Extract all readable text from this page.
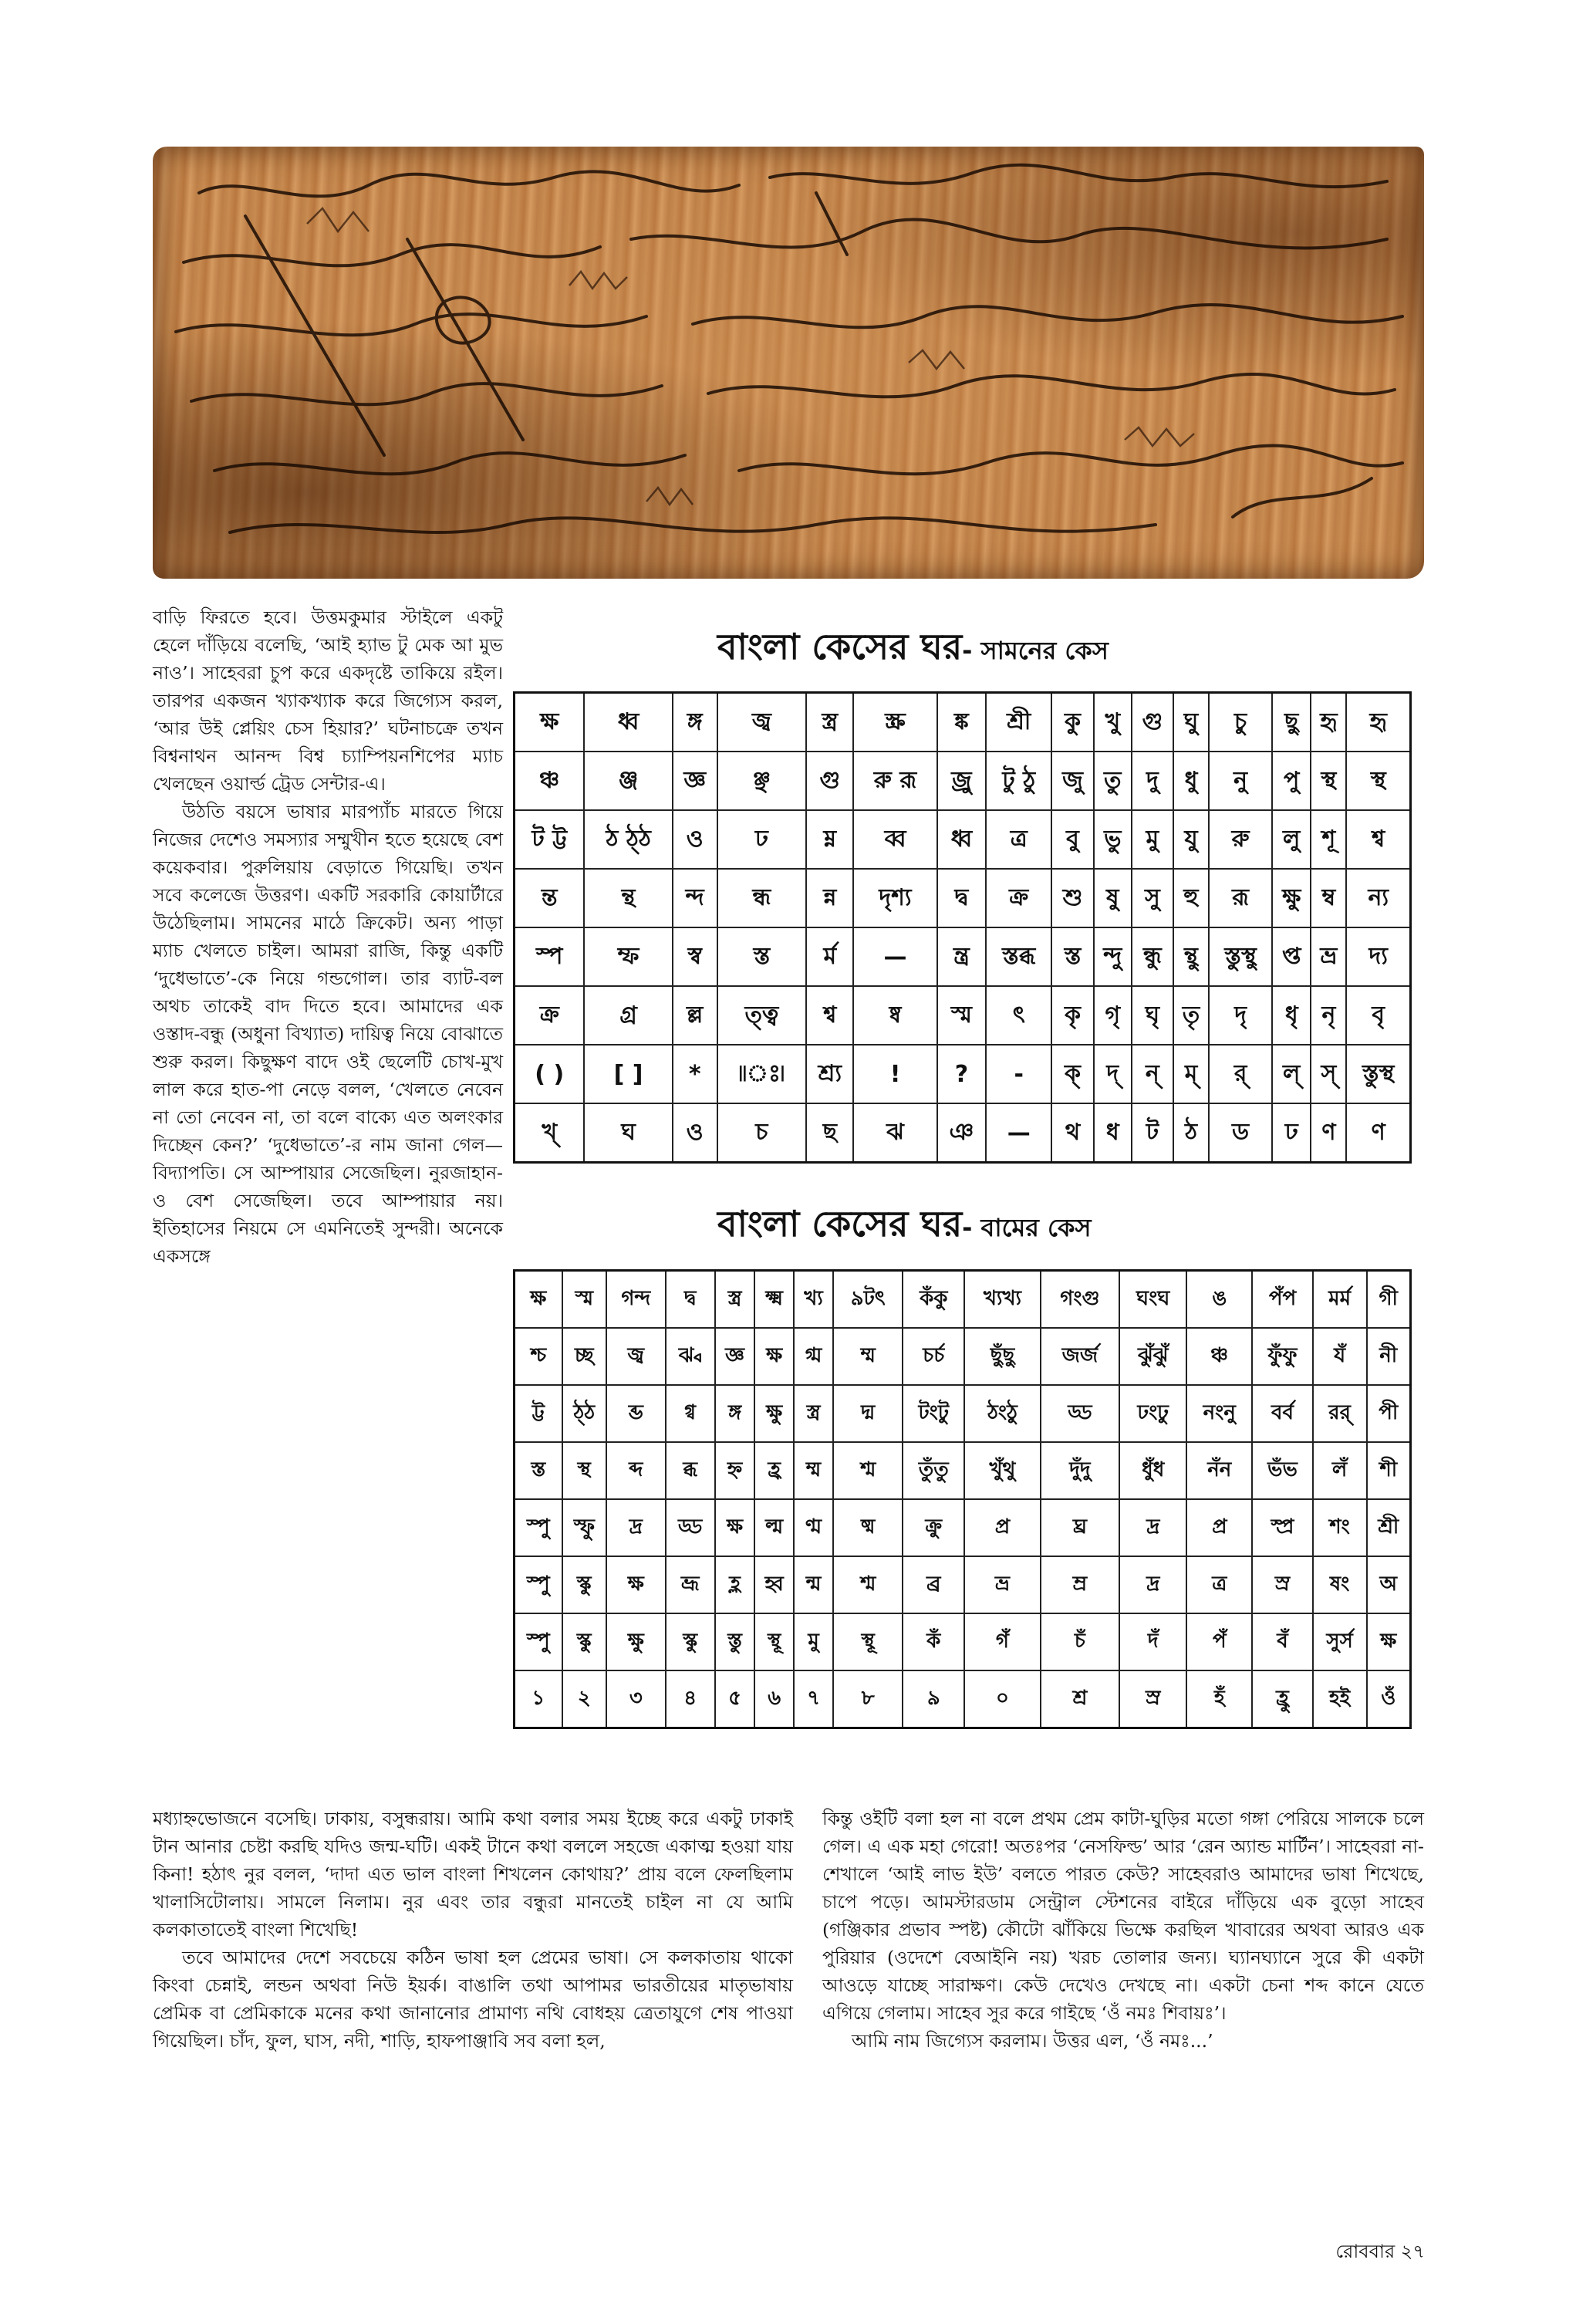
বাড়ি ফিরতে হবে। উত্তমকুমার স্টাইলে একটু হেলে দাঁড়িয়ে বলেছি, ‘আই হ্যাভ টু মেক আ মুভ নাও’। সাহেবরা চুপ করে একদৃষ্টে তাকিয়ে রইল। তারপর একজন খ্যাকখ্যাক করে জিগ্যেস করল, ‘আর উই প্লেয়িং চেস হিয়ার?’ ঘটনাচক্রে তখন বিশ্বনাথন আনন্দ বিশ্ব চ্যাম্পিয়নশিপের ম্যাচ খেলছেন ওয়ার্ল্ড ট্রেড সেন্টার-এ।

উঠতি বয়সে ভাষার মারপ্যাঁচ মারতে গিয়ে নিজের দেশেও সমস্যার সম্মুখীন হতে হয়েছে বেশ কয়েকবার। পুরুলিয়ায় বেড়াতে গিয়েছি। তখন সবে কলেজে উত্তরণ। একটি সরকারি কোয়ার্টারে উঠেছিলাম। সামনের মাঠে ক্রিকেট। অন্য পাড়া ম্যাচ খেলতে চাইল। আমরা রাজি, কিন্তু একটি ‘দুধেভাতে’-কে নিয়ে গন্ডগোল। তার ব্যাট-বল অথচ তাকেই বাদ দিতে হবে। আমাদের এক ওস্তাদ-বন্ধু (অধুনা বিখ্যাত) দায়িত্ব নিয়ে বোঝাতে শুরু করল। কিছুক্ষণ বাদে ওই ছেলেটি চোখ-মুখ লাল করে হাত-পা নেড়ে বলল, ‘খেলতে নেবেন না তো নেবেন না, তা বলে বাক্যে এত অলংকার দিচ্ছেন কেন?’ ‘দুধেভাতে’-র নাম জানা গেল—বিদ্যাপতি। সে আম্পায়ার সেজেছিল। নুরজাহান-ও বেশ সেজেছিল। তবে আম্পায়ার নয়। ইতিহাসের নিয়মে সে এমনিতেই সুন্দরী। অনেকে একসঙ্গে

বাংলা কেসের ঘর- সামনের কেস
ক্ষ	ধ্ব	ঙ্গ	জ্ব	স্ত্র	স্ক্র	ঙ্ক	শ্রী	কু	খু	গু	ঘু	চু	ছু	হৃ	হৃ
ঞ্চ	ঞ্জ	জ্ঞ	ঞ্ছ	গু	রু রূ	জ্রু	টু ঠু	জু	তু	দু	ধু	নু	পু	স্থ	স্থ
ট ট্ট	ঠ ঠ্ঠ	ও	ঢ	ম্ন	ব্ব	ধ্ব	ত্র	বু	ভু	মু	যু	রু	লু	শূ	শ্ব
ন্ত	ন্থ	ন্দ	ন্ধ	ন্ন	দৃশ্য	দ্ব	ক্র	শু	ষু	সু	হু	রূ	ক্ষু	ম্ব	ন্য
স্প	ম্ফ	স্ব	স্ত	র্ম	—	ন্ত্র	স্তব্ধ	স্ত	ন্দু	ন্ধু	ন্থু	স্তুস্থু	প্ত	ভ্র	দ্য
ক্র	গ্র	ল্ল	ত্ত্ব	শ্ব	ষ্ব	স্ম	ৎ	কৃ	গৃ	ঘৃ	তৃ	দৃ	ধৃ	নৃ	বৃ
( )	[ ]	*	৷৷ঃ৷	শ্র্য	!	?	-	ক্	দ্	ন্	ম্	র্	ল্	স্	স্তুস্থ
খ্	ঘ	ও	চ	ছ	ঝ	ঞ	—	থ	ধ	ট	ঠ	ড	ঢ	ণ	ণ
বাংলা কেসের ঘর- বামের কেস
ক্ষ	স্ম	গন্দ	দ্ব	স্ত্র	ক্ষ্ম	খ্য	৯টৎ	কঁকু	খ্যখ্য	গংগু	ঘংঘ	ঙ	পঁপ	মর্ম	গী
শ্চ	চ্ছ	জ্ব	ঝ্ব	জ্ঞ	ক্ষ	গ্ম	ম্ম	চর্চ	ছুঁছু	জর্জ	ঝুঁঝুঁ	ঞ্চ	ফুঁফু	যঁ	নী
ট্ট	ঠ্ঠ	ব্ড	গ্ব	ঙ্গ	ক্ষু	স্ত্র	দ্ম	টংটু	ঠংঠু	ড্ড	ঢংঢু	নংনু	বর্ব	রর্	পী
স্ত	স্থ	ব্দ	ব্ধ	হ্ন	হ্র	ম্ম	শ্ম	তুঁতু	খুঁথু	দুঁদু	ধুঁধ	নঁন	ভঁভ	লঁ	শী
স্পু	স্ফু	দ্র	ড্ড	ক্ষ	ল্ম	ণ্ম	ষ্ম	ক্রু	প্র	ঘ্র	দ্র	প্র	স্প্র	শং	শ্রী
স্পু	স্কু	ক্ষ	ভ্রূ	হ্ল	হ্ব	ন্ম	শ্ম	ব্র	ভ্র	ম্র	দ্র	ত্র	স্র	ষং	অ
স্পু	স্কু	ক্ষু	স্কু	স্তু	স্থূ	মু	স্থূ	কঁ	গঁ	চঁ	দঁ	পঁ	বঁ	সুর্স	ক্ষ
১	২	৩	৪	৫	৬	৭	৮	৯	০	শ্র	স্র	হঁ	হ্রু	হই	ওঁ

মধ্যাহ্নভোজনে বসেছি। ঢাকায়, বসুন্ধরায়। আমি কথা বলার সময় ইচ্ছে করে একটু ঢাকাই টান আনার চেষ্টা করছি যদিও জন্ম-ঘটি। একই টানে কথা বললে সহজে একাত্ম হওয়া যায় কিনা! হঠাৎ নুর বলল, ‘দাদা এত ভাল বাংলা শিখলেন কোথায়?’ প্রায় বলে ফেলছিলাম খালাসিটোলায়। সামলে নিলাম। নুর এবং তার বন্ধুরা মানতেই চাইল না যে আমি কলকাতাতেই বাংলা শিখেছি!

তবে আমাদের দেশে সবচেয়ে কঠিন ভাষা হল প্রেমের ভাষা। সে কলকাতায় থাকো কিংবা চেন্নাই, লন্ডন অথবা নিউ ইয়র্ক। বাঙালি তথা আপামর ভারতীয়ের মাতৃভাষায় প্রেমিক বা প্রেমিকাকে মনের কথা জানানোর প্রামাণ্য নথি বোধহয় ত্রেতাযুগে শেষ পাওয়া গিয়েছিল। চাঁদ, ফুল, ঘাস, নদী, শাড়ি, হাফপাঞ্জাবি সব বলা হল,

কিন্তু ওইটি বলা হল না বলে প্রথম প্রেম কাটা-ঘুড়ির মতো গঙ্গা পেরিয়ে সালকে চলে গেল। এ এক মহা গেরো! অতঃপর ‘নেসফিল্ড’ আর ‘রেন অ্যান্ড মার্টিন’। সাহেবরা না-শেখালে ‘আই লাভ ইউ’ বলতে পারত কেউ? সাহেবরাও আমাদের ভাষা শিখেছে, চাপে পড়ে। আমস্টারডাম সেন্ট্রাল স্টেশনের বাইরে দাঁড়িয়ে এক বুড়ো সাহেব (গঞ্জিকার প্রভাব স্পষ্ট) কৌটো ঝাঁকিয়ে ভিক্ষে করছিল খাবারের অথবা আরও এক পুরিয়ার (ওদেশে বেআইনি নয়) খরচ তোলার জন্য। ঘ্যানঘ্যানে সুরে কী একটা আওড়ে যাচ্ছে সারাক্ষণ। কেউ দেখেও দেখছে না। একটা চেনা শব্দ কানে যেতে এগিয়ে গেলাম। সাহেব সুর করে গাইছে ‘ওঁ নমঃ শিবায়ঃ’।

আমি নাম জিগ্যেস করলাম। উত্তর এল, ‘ওঁ নমঃ...’

রোববার ২৭
